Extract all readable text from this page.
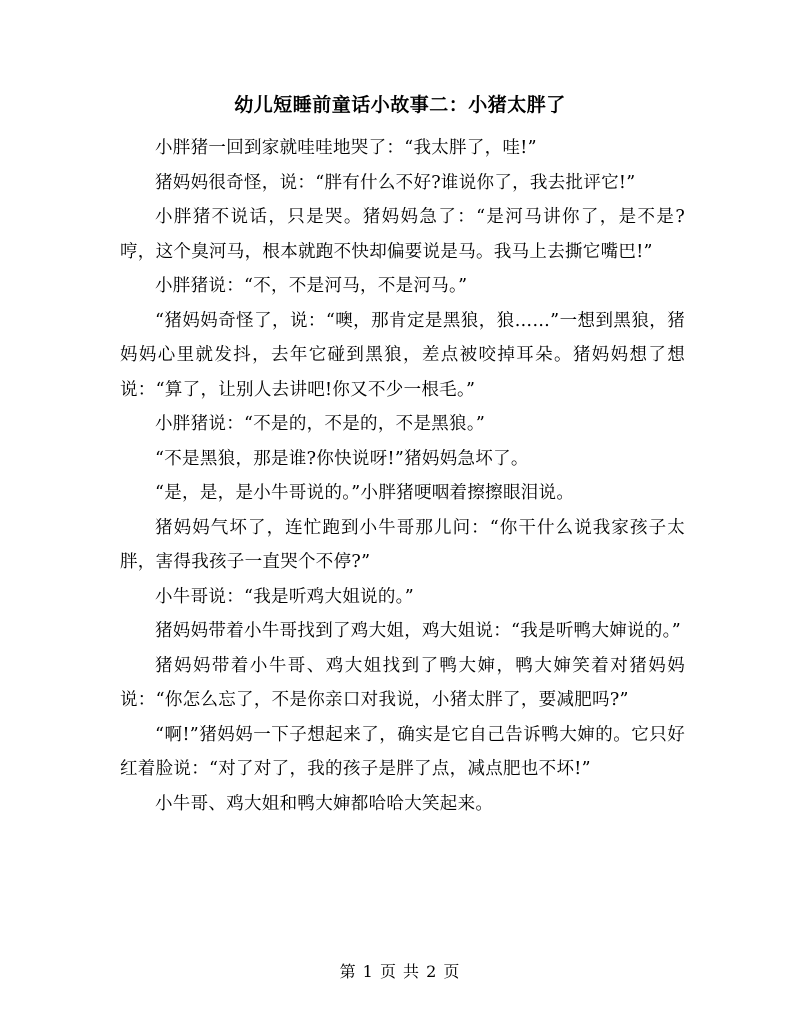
幼儿短睡前童话小故事二：小猪太胖了

小胖猪一回到家就哇哇地哭了：“我太胖了，哇!”

猪妈妈很奇怪，说：“胖有什么不好?谁说你了，我去批评它!”

小胖猪不说话，只是哭。猪妈妈急了：“是河马讲你了，是不是?哼，这个臭河马，根本就跑不快却偏要说是马。我马上去撕它嘴巴!”

小胖猪说：“不，不是河马，不是河马。”

“猪妈妈奇怪了，说：“噢，那肯定是黑狼，狼……”一想到黑狼，猪妈妈心里就发抖，去年它碰到黑狼，差点被咬掉耳朵。猪妈妈想了想说：“算了，让别人去讲吧!你又不少一根毛。”

小胖猪说：“不是的，不是的，不是黑狼。”

“不是黑狼，那是谁?你快说呀!”猪妈妈急坏了。

“是，是，是小牛哥说的。”小胖猪哽咽着擦擦眼泪说。

猪妈妈气坏了，连忙跑到小牛哥那儿问：“你干什么说我家孩子太胖，害得我孩子一直哭个不停?”

小牛哥说：“我是听鸡大姐说的。”

猪妈妈带着小牛哥找到了鸡大姐，鸡大姐说：“我是听鸭大婶说的。”

猪妈妈带着小牛哥、鸡大姐找到了鸭大婶，鸭大婶笑着对猪妈妈说：“你怎么忘了，不是你亲口对我说，小猪太胖了，要减肥吗?”

“啊!”猪妈妈一下子想起来了，确实是它自己告诉鸭大婶的。它只好红着脸说：“对了对了，我的孩子是胖了点，减点肥也不坏!”

小牛哥、鸡大姐和鸭大婶都哈哈大笑起来。

第 1 页 共 2 页
